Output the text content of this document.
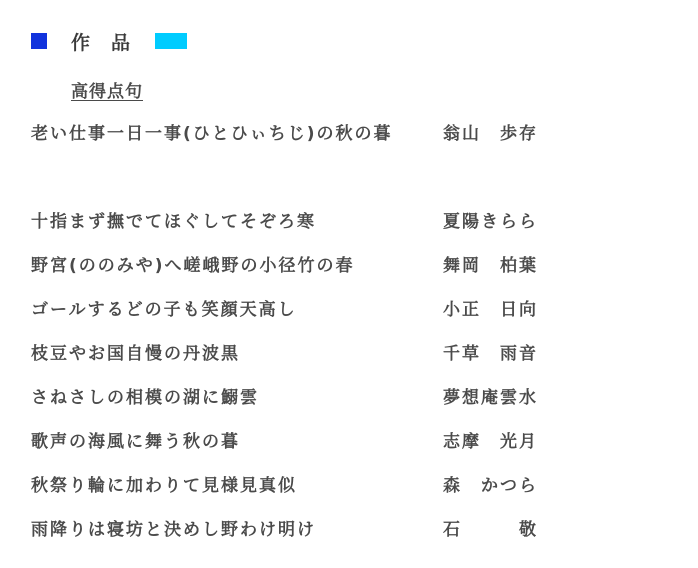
作　品
高得点句
老い仕事一日一事(ひとひぃちじ)の秋の暮	翁山　歩存
十指まず撫でてほぐしてそぞろ寒	夏陽きらら
野宮(ののみや)へ嵯峨野の小径竹の春	舞岡　柏葉
ゴールするどの子も笑顔天高し	小正　日向
枝豆やお国自慢の丹波黒	千草　雨音
さねさしの相模の湖に鰯雲	夢想庵雲水
歌声の海風に舞う秋の暮	志摩　光月
秋祭り輪に加わりて見様見真似	森　かつら
雨降りは寝坊と決めし野わけ明け	石　　　敬
